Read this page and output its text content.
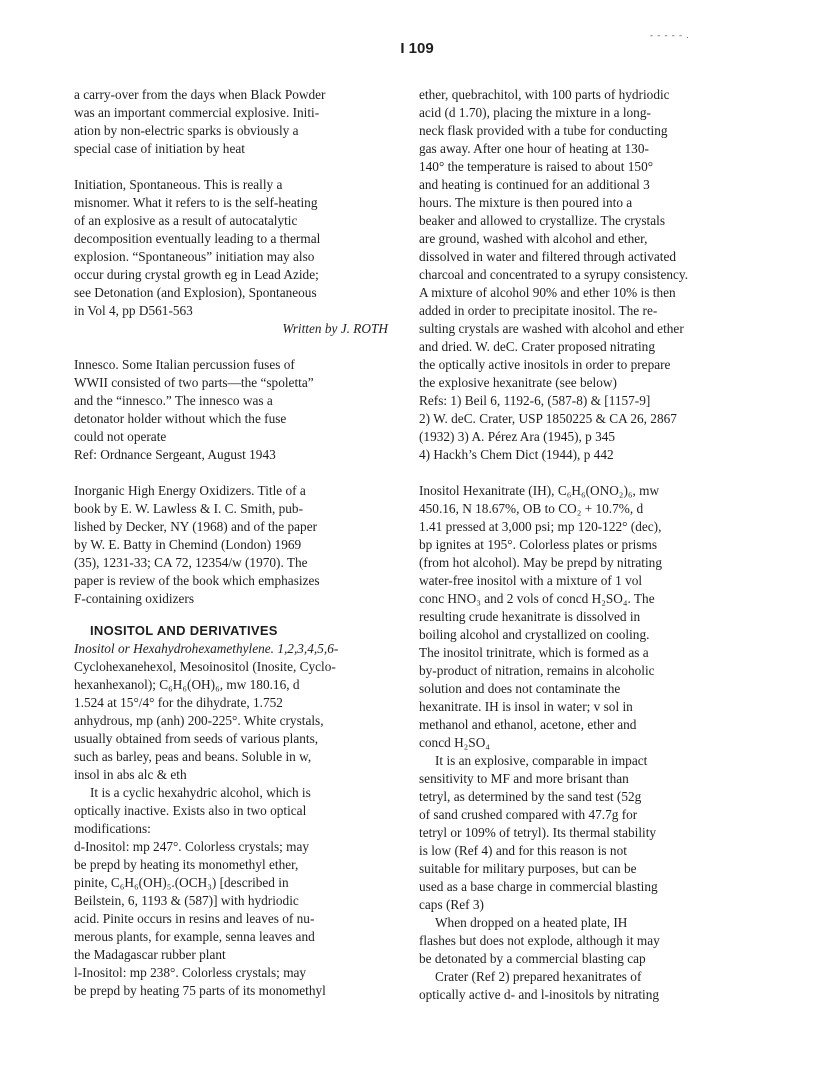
I 109
- - - - - .
a carry-over from the days when Black Powder
was an important commercial explosive. Initi-
ation by non-electric sparks is obviously a
special case of initiation by heat
Initiation, Spontaneous. This is really a
misnomer. What it refers to is the self-heating
of an explosive as a result of autocatalytic
decomposition eventually leading to a thermal
explosion. “Spontaneous” initiation may also
occur during crystal growth eg in Lead Azide;
see Detonation (and Explosion), Spontaneous
in Vol 4, pp D561-563
Written by J. ROTH
Innesco. Some Italian percussion fuses of
WWII consisted of two parts—the “spoletta”
and the “innesco.” The innesco was a
detonator holder without which the fuse
could not operate
Ref: Ordnance Sergeant, August 1943
Inorganic High Energy Oxidizers. Title of a
book by E. W. Lawless & I. C. Smith, pub-
lished by Decker, NY (1968) and of the paper
by W. E. Batty in Chemind (London) 1969
(35), 1231-33; CA 72, 12354/w (1970). The
paper is review of the book which emphasizes
F-containing oxidizers
INOSITOL AND DERIVATIVES
Inositol or Hexahydrohexamethylene. 1,2,3,4,5,6-
Cyclohexanehexol, Mesoinositol (Inosite, Cyclo-
hexanhexanol); C₆H₆(OH)₆, mw 180.16, d
1.524 at 15°/4° for the dihydrate, 1.752
anhydrous, mp (anh) 200-225°. White crystals,
usually obtained from seeds of various plants,
such as barley, peas and beans. Soluble in w,
insol in abs alc & eth
It is a cyclic hexahydric alcohol, which is
optically inactive. Exists also in two optical
modifications:
d-Inositol: mp 247°. Colorless crystals; may
be prepd by heating its monomethyl ether,
pinite, C₆H₆(OH)₅.(OCH₃) [described in
Beilstein, 6, 1193 & (587)] with hydriodic
acid. Pinite occurs in resins and leaves of nu-
merous plants, for example, senna leaves and
the Madagascar rubber plant
l-Inositol: mp 238°. Colorless crystals; may
be prepd by heating 75 parts of its monomethyl
ether, quebrachitol, with 100 parts of hydriodic
acid (d 1.70), placing the mixture in a long-
neck flask provided with a tube for conducting
gas away. After one hour of heating at 130-
140° the temperature is raised to about 150°
and heating is continued for an additional 3
hours. The mixture is then poured into a
beaker and allowed to crystallize. The crystals
are ground, washed with alcohol and ether,
dissolved in water and filtered through activated
charcoal and concentrated to a syrupy consistency.
A mixture of alcohol 90% and ether 10% is then
added in order to precipitate inositol. The re-
sulting crystals are washed with alcohol and ether
and dried. W. deC. Crater proposed nitrating
the optically active inositols in order to prepare
the explosive hexanitrate (see below)
Refs: 1) Beil 6, 1192-6, (587-8) & [1157-9]
2) W. deC. Crater, USP 1850225 & CA 26, 2867
(1932) 3) A. Pérez Ara (1945), p 345
4) Hackh’s Chem Dict (1944), p 442
Inositol Hexanitrate (IH), C₆H₆(ONO₂)₆, mw
450.16, N 18.67%, OB to CO₂ + 10.7%, d
1.41 pressed at 3,000 psi; mp 120-122° (dec),
bp ignites at 195°. Colorless plates or prisms
(from hot alcohol). May be prepd by nitrating
water-free inositol with a mixture of 1 vol
conc HNO₃ and 2 vols of concd H₂SO₄. The
resulting crude hexanitrate is dissolved in
boiling alcohol and crystallized on cooling.
The inositol trinitrate, which is formed as a
by-product of nitration, remains in alcoholic
solution and does not contaminate the
hexanitrate. IH is insol in water; v sol in
methanol and ethanol, acetone, ether and
concd H₂SO₄
It is an explosive, comparable in impact
sensitivity to MF and more brisant than
tetryl, as determined by the sand test (52g
of sand crushed compared with 47.7g for
tetryl or 109% of tetryl). Its thermal stability
is low (Ref 4) and for this reason is not
suitable for military purposes, but can be
used as a base charge in commercial blasting
caps (Ref 3)
When dropped on a heated plate, IH
flashes but does not explode, although it may
be detonated by a commercial blasting cap
Crater (Ref 2) prepared hexanitrates of
optically active d- and l-inositols by nitrating
